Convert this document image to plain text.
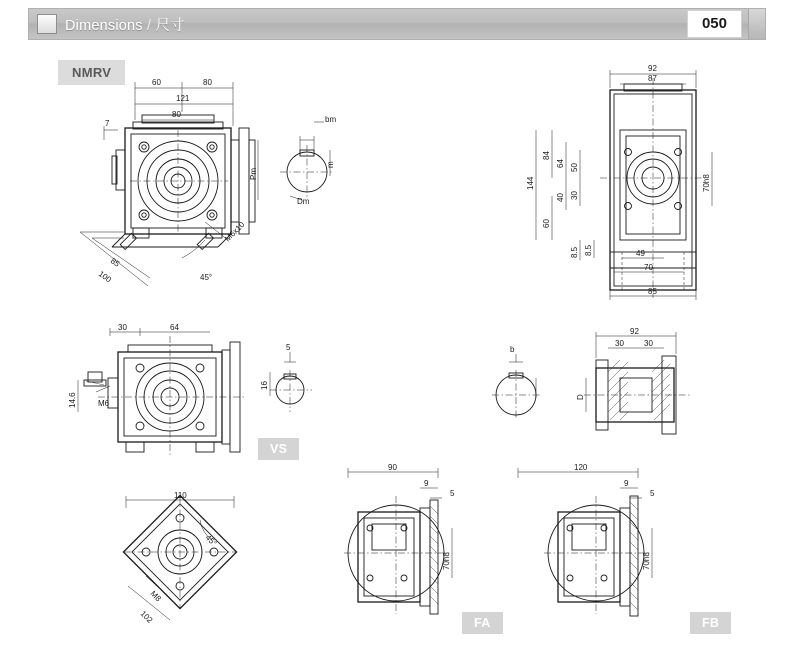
Dimensions / 尺寸	050
NMRV
VS
FA	FB
60	80
121
80
7
Pm
M6x10
45°
85
100
bm
m
Dm
92
87
144
84
64 50
40 30
60
8.5 8.5
70h8
49
70
85
30	64
14.6	M6
5
16
b
30	30
92
D
110
45°
M8
102
90
9
5
70h8
120
9
5
70h8
